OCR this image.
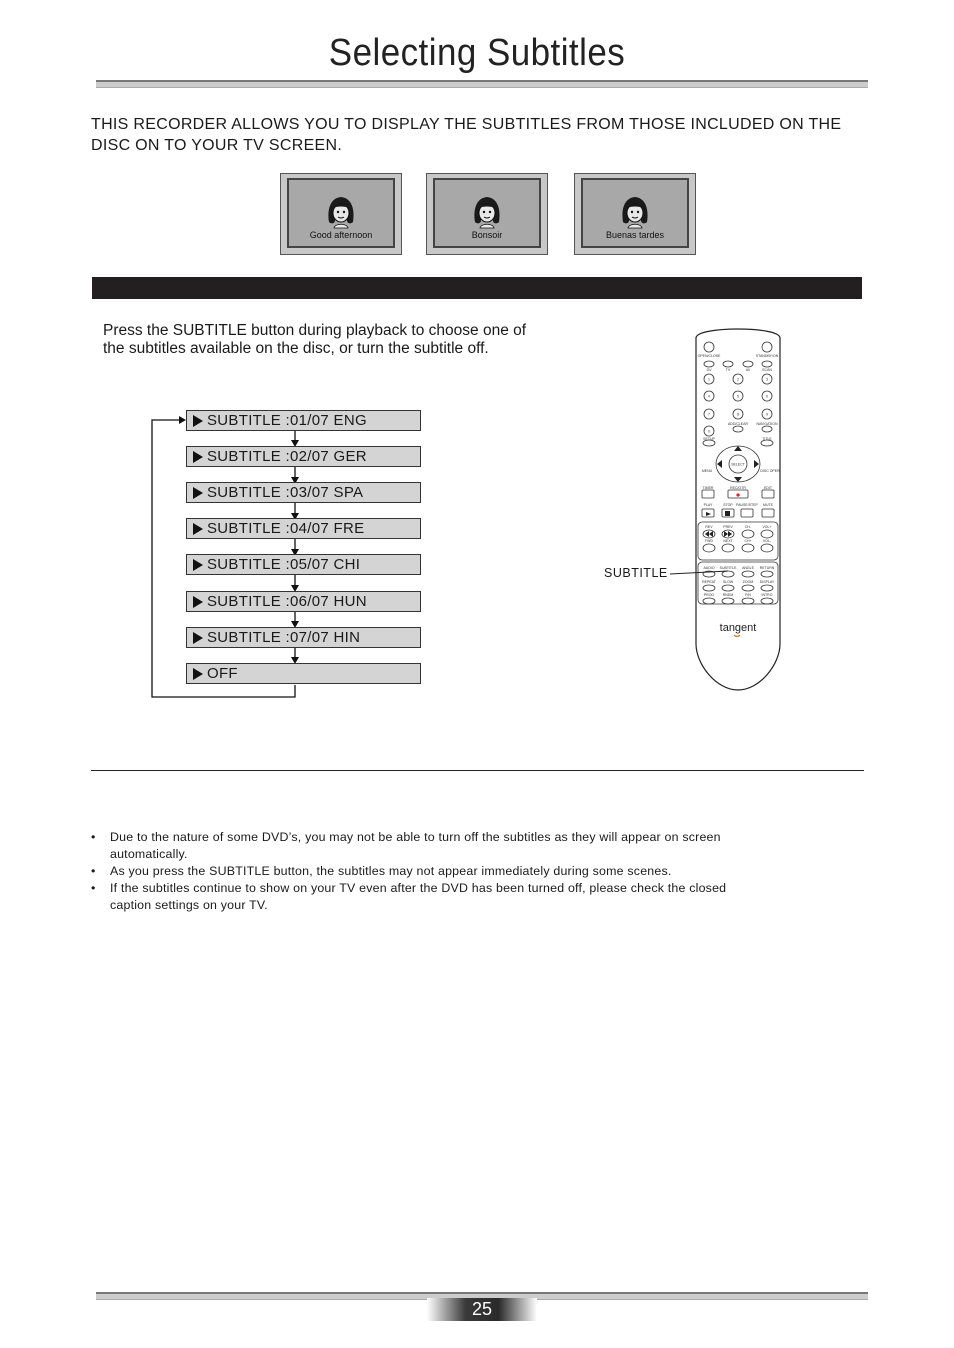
Selecting Subtitles
THIS RECORDER ALLOWS YOU TO DISPLAY THE SUBTITLES FROM THOSE INCLUDED ON THE DISC ON TO YOUR TV SCREEN.
Good afternoon	Bonsoir	Buenas tardes
Press the SUBTITLE button during playback to choose one of the subtitles available on the disc, or turn the subtitle off.
SUBTITLE :01/07 ENG
SUBTITLE :02/07 GER
SUBTITLE :03/07 SPA
SUBTITLE :04/07 FRE
SUBTITLE :05/07 CHI
SUBTITLE :06/07 HUN
SUBTITLE :07/07 HIN
OFF
OPEN/CLOSE	STANDBY/ON
DV	TV	AV	SCAN
1	2	3
4	5	6
7	8	9
0
ADD/CLEAR NAVIGATION
SETUP	TITLE
MENU	DISC OPER
SELECT
TIMER	REC/OTR	EDIT
PLAY	STOP PAUSE/STEP MUTE
REV	PREV	CH-	VOL+
FWD	NEXT	CH+	VOL-
AUDIO SUBTITLE ANGLE RETURN
REPEAT SLOW	ZOOM DISPLAY
PROG RNDM	P/N	INTRO
tangent
SUBTITLE
• Due to the nature of some DVD’s, you may not be able to turn off the subtitles as they will appear on screen automatically.
• As you press the SUBTITLE button, the subtitles may not appear immediately during some scenes.
• If the subtitles continue to show on your TV even after the DVD has been turned off, please check the closed caption settings on your TV.
25
